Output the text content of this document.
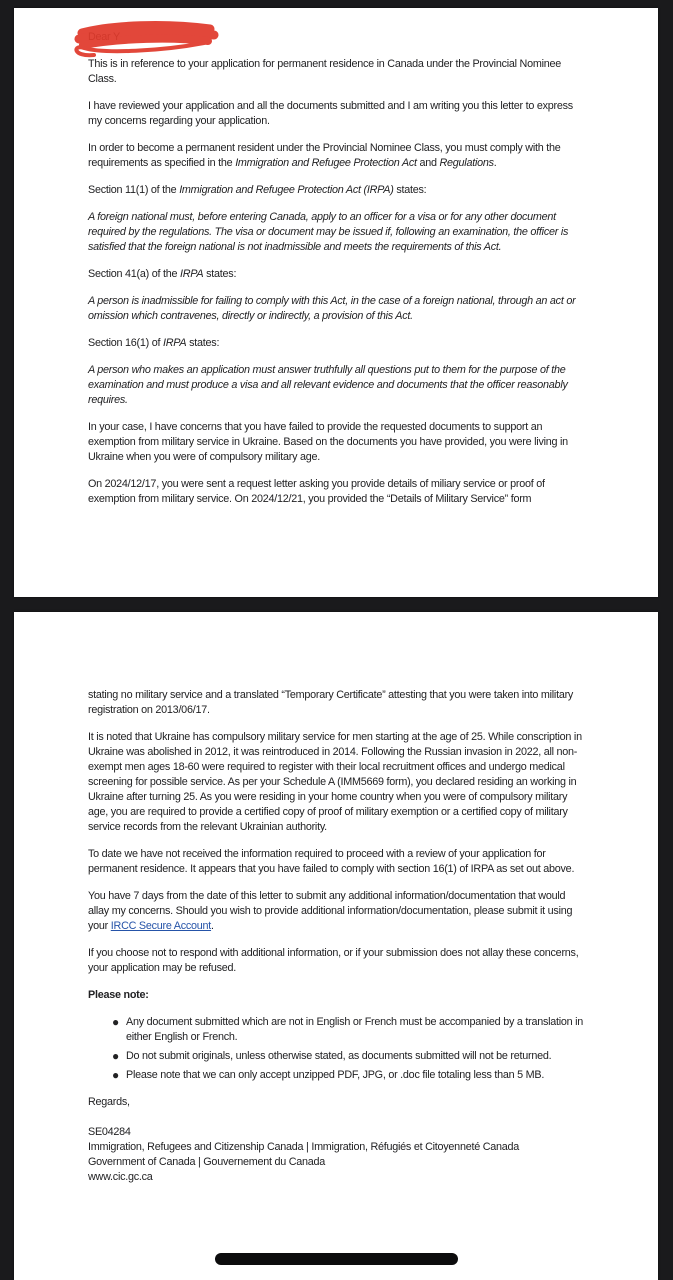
Dear Y

This is in reference to your application for permanent residence in Canada under the Provincial Nominee Class.

I have reviewed your application and all the documents submitted and I am writing you this letter to express my concerns regarding your application.

In order to become a permanent resident under the Provincial Nominee Class, you must comply with the requirements as specified in the Immigration and Refugee Protection Act and Regulations.

Section 11(1) of the Immigration and Refugee Protection Act (IRPA) states:

A foreign national must, before entering Canada, apply to an officer for a visa or for any other document required by the regulations. The visa or document may be issued if, following an examination, the officer is satisfied that the foreign national is not inadmissible and meets the requirements of this Act.

Section 41(a) of the IRPA states:

A person is inadmissible for failing to comply with this Act, in the case of a foreign national, through an act or omission which contravenes, directly or indirectly, a provision of this Act.

Section 16(1) of IRPA states:

A person who makes an application must answer truthfully all questions put to them for the purpose of the examination and must produce a visa and all relevant evidence and documents that the officer reasonably requires.

In your case, I have concerns that you have failed to provide the requested documents to support an exemption from military service in Ukraine. Based on the documents you have provided, you were living in Ukraine when you were of compulsory military age.

On 2024/12/17, you were sent a request letter asking you provide details of miliary service or proof of exemption from military service. On 2024/12/21, you provided the “Details of Military Service” form

stating no military service and a translated “Temporary Certificate” attesting that you were taken into military registration on 2013/06/17.

It is noted that Ukraine has compulsory military service for men starting at the age of 25. While conscription in Ukraine was abolished in 2012, it was reintroduced in 2014. Following the Russian invasion in 2022, all non-exempt men ages 18-60 were required to register with their local recruitment offices and undergo medical screening for possible service. As per your Schedule A (IMM5669 form), you declared residing an working in Ukraine after turning 25. As you were residing in your home country when you were of compulsory military age, you are required to provide a certified copy of proof of military exemption or a certified copy of military service records from the relevant Ukrainian authority.

To date we have not received the information required to proceed with a review of your application for permanent residence. It appears that you have failed to comply with section 16(1) of IRPA as set out above.

You have 7 days from the date of this letter to submit any additional information/documentation that would allay my concerns. Should you wish to provide additional information/documentation, please submit it using your IRCC Secure Account.

If you choose not to respond with additional information, or if your submission does not allay these concerns, your application may be refused.

Please note:

● Any document submitted which are not in English or French must be accompanied by a translation in either English or French.
● Do not submit originals, unless otherwise stated, as documents submitted will not be returned.
● Please note that we can only accept unzipped PDF, JPG, or .doc file totaling less than 5 MB.

Regards,

SE04284
Immigration, Refugees and Citizenship Canada | Immigration, Réfugiés et Citoyenneté Canada
Government of Canada | Gouvernement du Canada
www.cic.gc.ca
